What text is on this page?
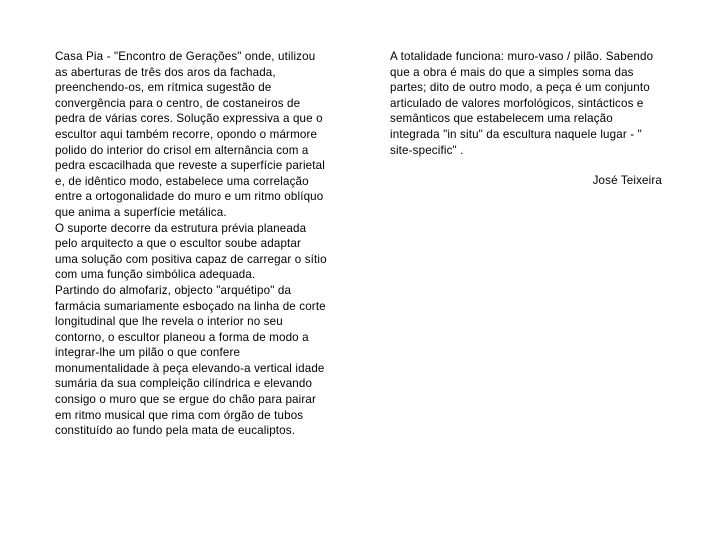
Casa Pia - "Encontro de Gerações" onde, utilizou as aberturas de três dos aros da fachada, preenchendo-os, em rítmica sugestão de convergência para o centro, de costaneiros de pedra de várias cores. Solução expressiva a que o escultor aqui também recorre, opondo o mármore polido do interior do crisol em alternância com a pedra escacilhada que reveste a superfície parietal e, de idêntico modo, estabelece uma correlação entre a ortogonalidade do muro e um ritmo oblíquo que anima a superfície metálica.

O suporte decorre da estrutura prévia planeada pelo arquitecto a que o escultor soube adaptar uma solução com positiva capaz de carregar o sítio com uma função simbólica adequada.

Partindo do almofariz, objecto "arquétipo" da farmácia sumariamente esboçado na linha de corte longitudinal que lhe revela o interior no seu contorno, o escultor planeou a forma de modo a integrar-lhe um pilão o que confere monumentalidade à peça elevando-a vertical idade sumária da sua compleição cilíndrica e elevando consigo o muro que se ergue do chão para pairar em ritmo musical que rima com órgão de tubos constituído ao fundo pela mata de eucaliptos.

A totalidade funciona: muro-vaso / pilão. Sabendo que a obra é mais do que a simples soma das partes; dito de outro modo, a peça é um conjunto articulado de valores morfológicos, sintácticos e semânticos que estabelecem uma relação integrada "in situ" da escultura naquele lugar - " site-specific" .

José Teixeira
